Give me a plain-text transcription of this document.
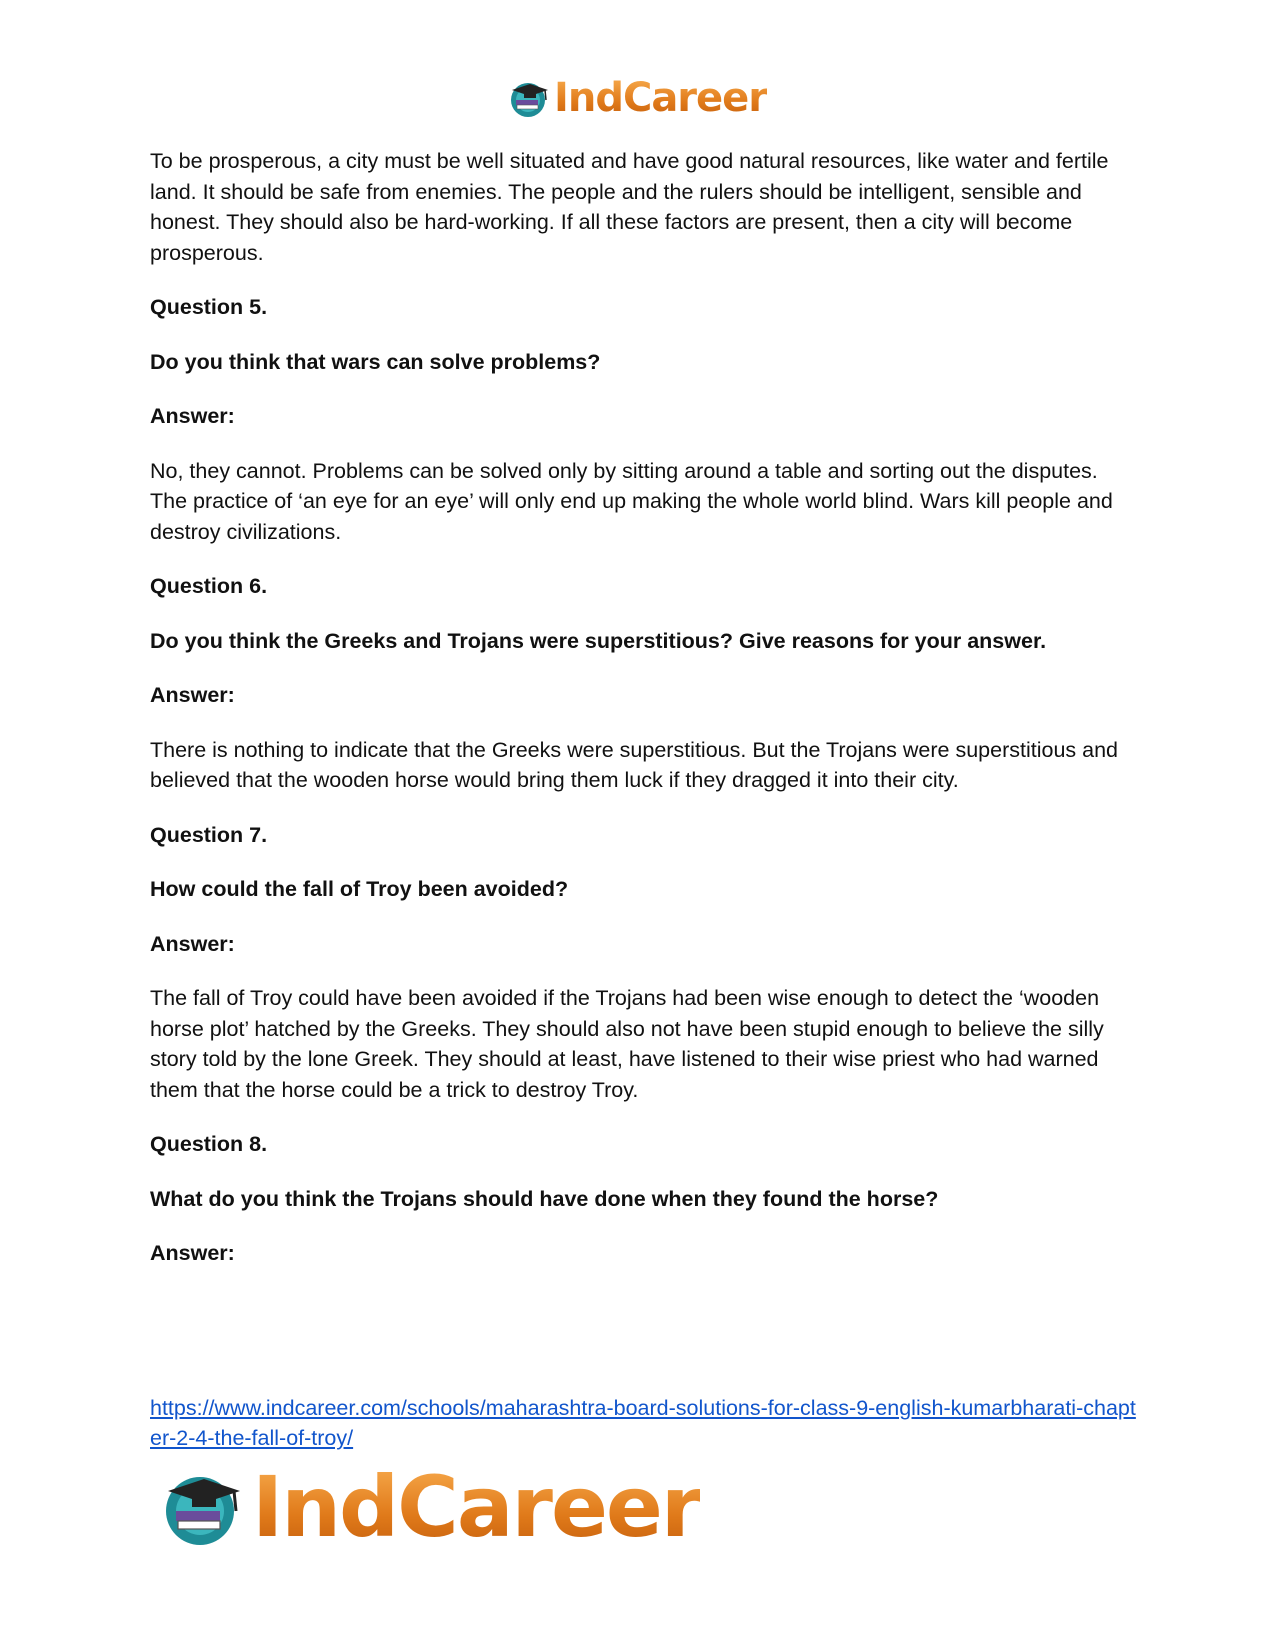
IndCareer

To be prosperous, a city must be well situated and have good natural resources, like water and fertile land. It should be safe from enemies. The people and the rulers should be intelligent, sensible and honest. They should also be hard-working. If all these factors are present, then a city will become prosperous.

Question 5.

Do you think that wars can solve problems?

Answer:

No, they cannot. Problems can be solved only by sitting around a table and sorting out the disputes. The practice of ‘an eye for an eye’ will only end up making the whole world blind. Wars kill people and destroy civilizations.

Question 6.

Do you think the Greeks and Trojans were superstitious? Give reasons for your answer.

Answer:

There is nothing to indicate that the Greeks were superstitious. But the Trojans were superstitious and believed that the wooden horse would bring them luck if they dragged it into their city.

Question 7.

How could the fall of Troy been avoided?

Answer:

The fall of Troy could have been avoided if the Trojans had been wise enough to detect the ‘wooden horse plot’ hatched by the Greeks. They should also not have been stupid enough to believe the silly story told by the lone Greek. They should at least, have listened to their wise priest who had warned them that the horse could be a trick to destroy Troy.

Question 8.

What do you think the Trojans should have done when they found the horse?

Answer:

https://www.indcareer.com/schools/maharashtra-board-solutions-for-class-9-english-kumarbharati-chapter-2-4-the-fall-of-troy/
IndCareer
